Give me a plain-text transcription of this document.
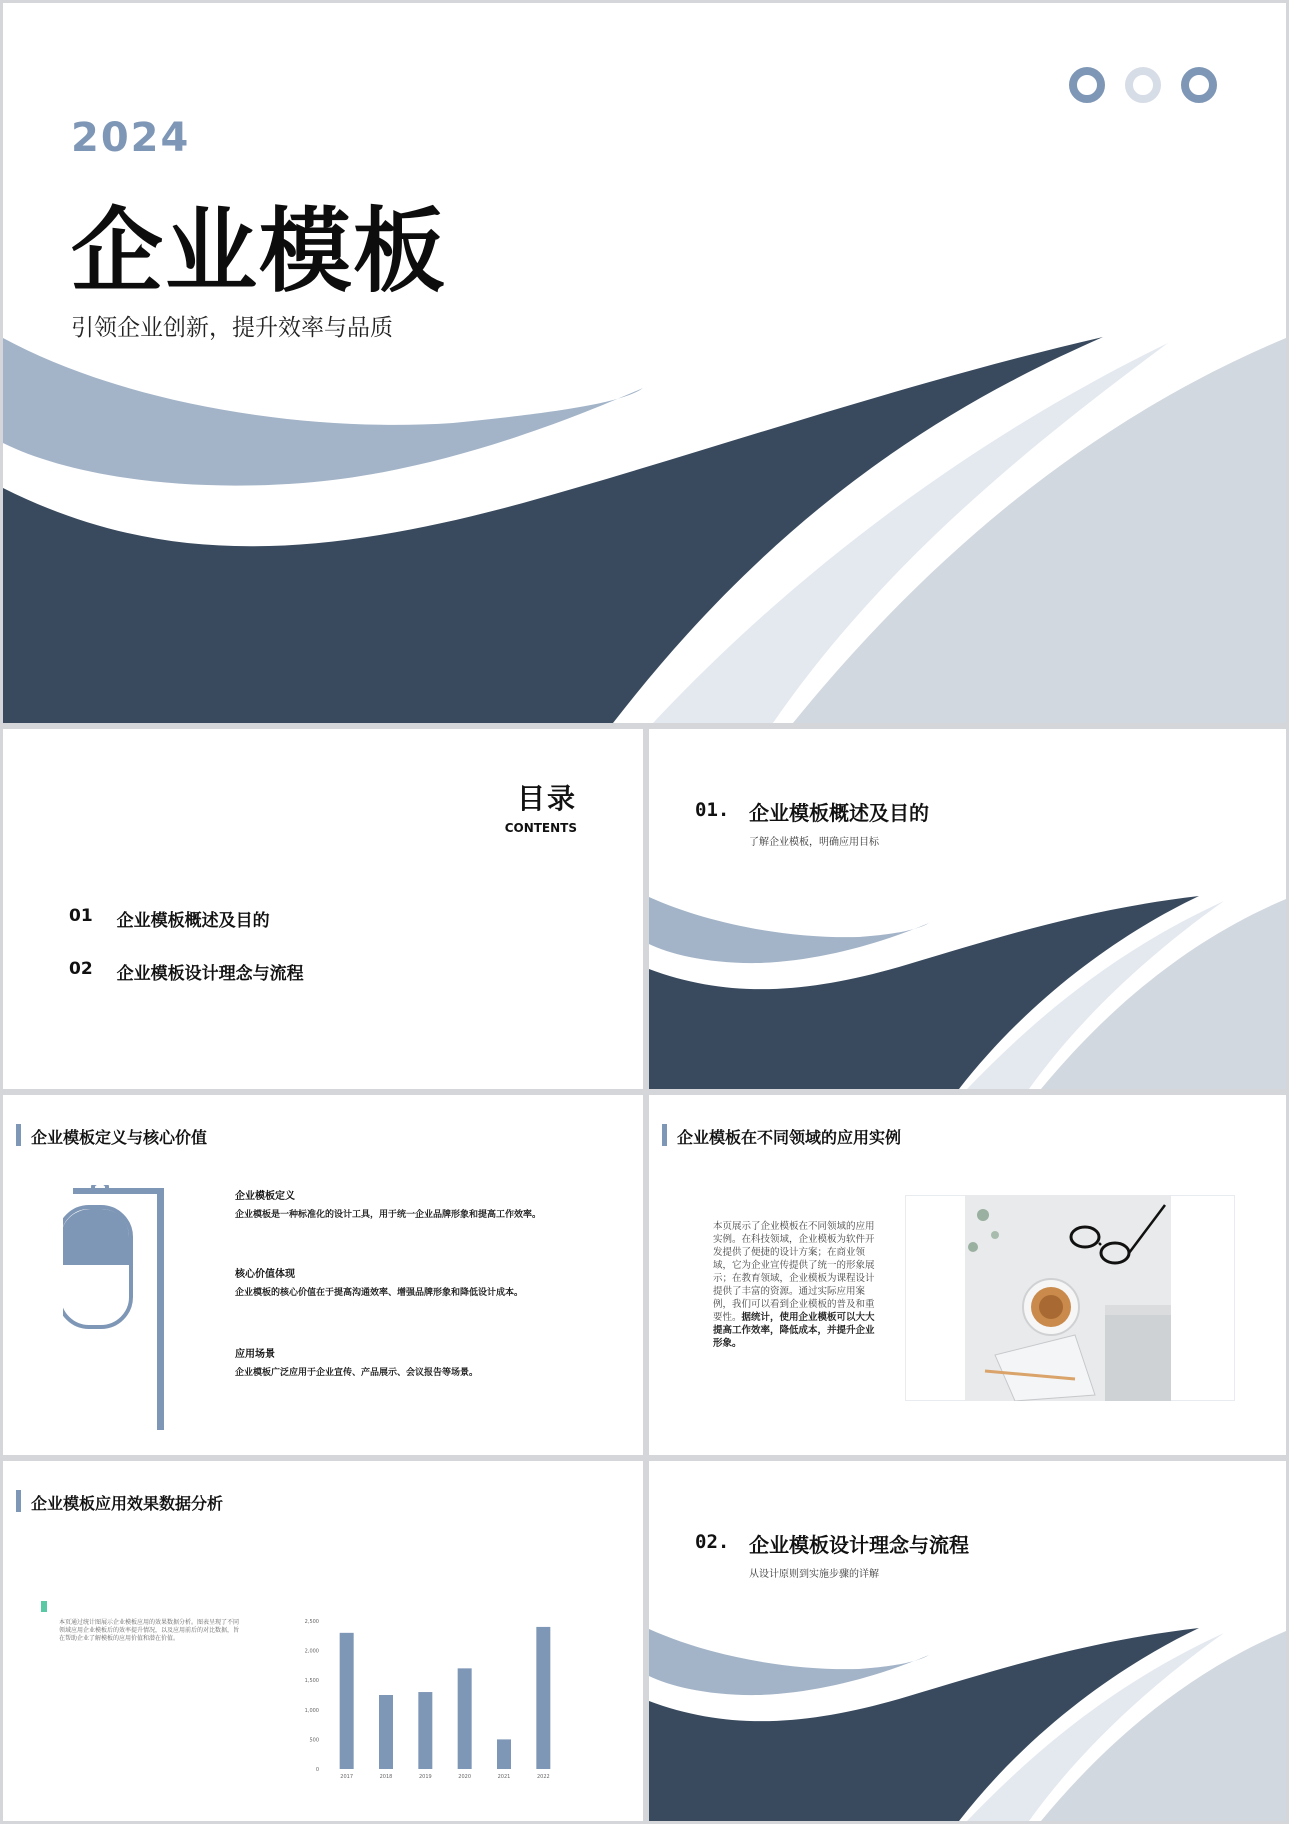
2024
企业模板
引领企业创新，提升效率与品质
目录
CONTENTS
01 企业模板概述及目的
02 企业模板设计理念与流程
01. 企业模板概述及目的
了解企业模板，明确应用目标
企业模板定义与核心价值
企业模板定义
企业模板是一种标准化的设计工具，用于统一企业品牌形象和提高工作效率。
核心价值体现
企业模板的核心价值在于提高沟通效率、增强品牌形象和降低设计成本。
应用场景
企业模板广泛应用于企业宣传、产品展示、会议报告等场景。
企业模板在不同领域的应用实例
本页展示了企业模板在不同领域的应用实例。在科技领域，企业模板为软件开发提供了便捷的设计方案；在商业领域，它为企业宣传提供了统一的形象展示；在教育领域，企业模板为课程设计提供了丰富的资源。通过实际应用案例，我们可以看到企业模板的普及和重要性。据统计，使用企业模板可以大大提高工作效率，降低成本，并提升企业形象。
企业模板应用效果数据分析
本页通过统计图展示企业模板应用的效果数据分析。图表呈现了不同领域应用企业模板后的效率提升情况，以及应用前后的对比数据，旨在帮助企业了解模板的应用价值和潜在价值。
0
500
1,000
1,500
2,000
2,500
2017	2018	2019	2020	2021	2022
02. 企业模板设计理念与流程
从设计原则到实施步骤的详解
